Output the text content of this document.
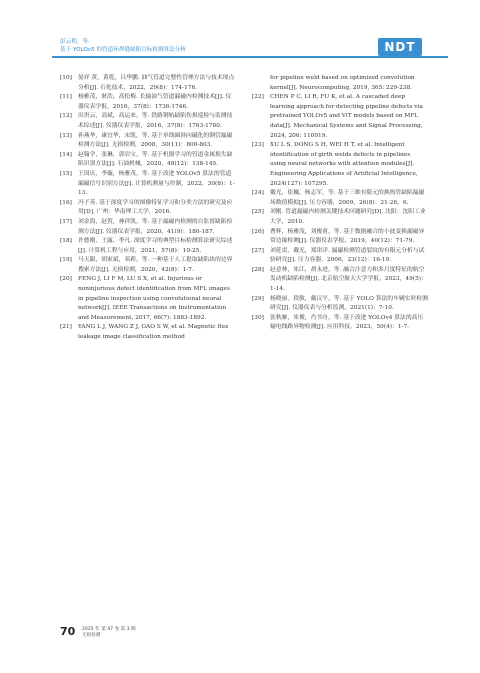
彭云程，等.
基于 YOLOv5 的管道环焊缝缺陷目标检测算法分析	NDT

[10]	晏祥 黄，黄乾，吕华鹏. 油气管道完整性管理方法与技术现点分析[J]. 石化技术，2022，29(8)：174-176.

[11]	杨雅茂，耿浩，高松梅. 长输油气管道漏磁内检测技术[J]. 仪器仪表学报，2016，37(8)：1736-1746.

[12]	田贵云，高斌，高运来，等. 铁路钢轨缺陷伤损巡检与监测技术综述[J]. 仪器仪表学报，2016，37(8)：1763-1780.

[13]	孙燕华，康宜华，宋凯，等. 基于单线圈斜向磁化的钢管漏磁检测方法[J]. 无损检测，2008，30(11)：800-803.

[14]	赵翰学，张琳，郭岩宝，等. 基于机器学习的管道金属损失缺陷识别方法[J]. 石油机械，2020，48(12)：138-145.

[15]	王国庆，李璇，杨雅茂，等. 基于改进 YOLOv5 算法的管道漏磁信号识别方法[J]. 计算机测量与控制，2022，30(8)：1-13.

[16]	冯子英. 基于深度学习的图像特征学习和分类方法的研究及应用[D]. 广州：华南理工大学，2016.

[17]	刘金海，赵賀，神祥凯，等. 基于漏磁内检测的自监督缺陷检测方法[J]. 仪器仪表学报，2020，41(9)：180-187.

[18]	许德刚，王露，李凡. 深度学习的典型目标检测算法研究综述[J]. 计算机工程与应用，2021，57(8)：10-25.

[19]	马天銀，胡家斌，邓莉，等. 一种基于人工提取缺陷块的边界搜索方法[J]. 无损检测，2020，42(8)：1-7.

[20]	FENG J, LI F M, LU S X, et al. Injurious or noninjurious defect identification from MFL images in pipeline inspection using convolutional neural network[J]. IEEE Transactions on Instrumentation and Measurement, 2017, 66(7): 1883-1892.

[21]	YANG L J, WANG Z J, GAO S W, et al. Magnetic flux leakage image classification method

for pipeline weld based on optimized convolution kernel[J]. Neurocomputing, 2019, 365: 229-238.

[22]	CHEN P C, LI R, FU K, et al. A cascaded deep learning approach for detecting pipeline defects via pretrained YOLOv5 and ViT models based on MFL data[J]. Mechanical Systems and Signal Processing, 2024, 206: 110919.

[23]	XU L S, DONG S H, WEI H T, et al. Intelligent identification of girth welds defects in pipelines using neural networks with attention modules[J]. Engineering Applications of Artificial Intelligence, 2024(127): 107295.

[24]	戴光，崔巍，杨志军，等. 基于三维有限元的换热管缺陷漏磁场数值模拟[J]. 压力容器，2009，26(8)：21-26，6.

[25]	刘刚. 管道漏磁内检测关键技术问题研究[D]. 沈阳：沈阳工业大学，2010.

[26]	曹辉，杨雅茂，刘俊甫，等. 基于数据融合的小波变换漏磁异常边缘检测[J]. 仪器仪表学报，2019，40(12)：71-79.

[27]	刘延雷，戴光，郑津洋. 漏磁检测管道裂纹的有限元分析与试验研究[J]. 压力容器，2006，23(12)：16-19.

[28]	赵意林，朱江，胡永进，等. 融合注意力和多尺度特征的航空发动机缺陷检测[J]. 北京航空航天大学学报，2023，49(5)：1-14.

[29]	杨晓丽，段敏，戴汉平，等. 基于 YOLO 算法的车辆实时检测研究[J]. 仪器仪表与分析监测，2021(1)：7-10.

[30]	张秋雁，朱俊，肖书舟，等. 基于改进 YOLOv4 算法的高压输电线路异物检测[J]. 应用科技，2023，50(4)：1-7.

70 2025 年 第 47 卷 第 3 期
无损检测
